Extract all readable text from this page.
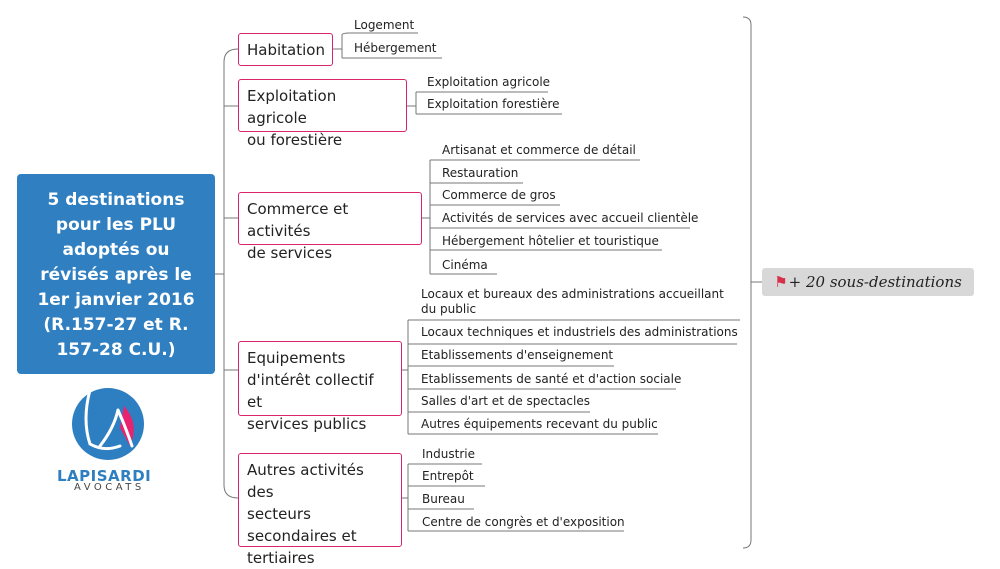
5 destinations
pour les PLU
adoptés ou
révisés après le
1er janvier 2016
(R.157-27 et R.
157-28 C.U.)
Habitation
Logement
Hébergement
Exploitation agricole
ou forestière
Exploitation agricole
Exploitation forestière
Commerce et activités
de services
Artisanat et commerce de détail
Restauration
Commerce de gros
Activités de services avec accueil clientèle
Hébergement hôtelier et touristique
Cinéma
Equipements
d'intérêt collectif et
services publics
Locaux et bureaux des administrations accueillant du public
Locaux techniques et industriels des administrations
Etablissements d'enseignement
Etablissements de santé et d'action sociale
Salles d'art et de spectacles
Autres équipements recevant du public
Autres activités des
secteurs
secondaires et
tertiaires
Industrie
Entrepôt
Bureau
Centre de congrès et d'exposition
⚑+ 20 sous-destinations
LAPISARDI
AVOCATS
